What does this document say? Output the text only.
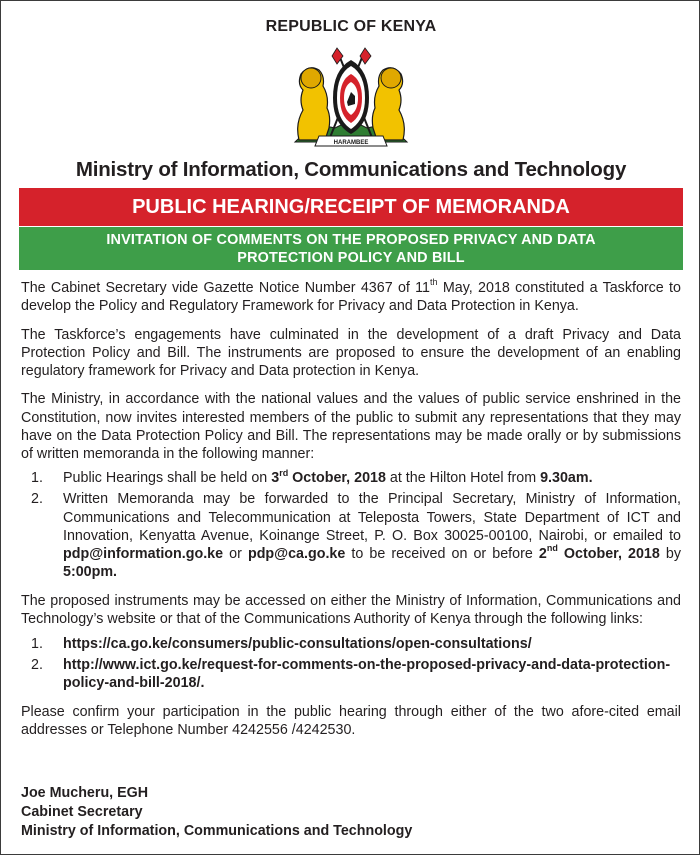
REPUBLIC OF KENYA
HARAMBEE
Ministry of Information, Communications and Technology
PUBLIC HEARING/RECEIPT OF MEMORANDA
INVITATION OF COMMENTS ON THE PROPOSED PRIVACY AND DATA
PROTECTION POLICY AND BILL

The Cabinet Secretary vide Gazette Notice Number 4367 of 11th May, 2018 constituted a Taskforce to develop the Policy and Regulatory Framework for Privacy and Data Protection in Kenya.

The Taskforce’s engagements have culminated in the development of a draft Privacy and Data Protection Policy and Bill. The instruments are proposed to ensure the development of an enabling regulatory framework for Privacy and Data protection in Kenya.

The Ministry, in accordance with the national values and the values of public service enshrined in the Constitution, now invites interested members of the public to submit any representations that they may have on the Data Protection Policy and Bill. The representations may be made orally or by submissions of written memoranda in the following manner:

1. Public Hearings shall be held on 3rd October, 2018 at the Hilton Hotel from 9.30am.
2. Written Memoranda may be forwarded to the Principal Secretary, Ministry of Information, Communications and Telecommunication at Teleposta Towers, State Department of ICT and Innovation, Kenyatta Avenue, Koinange Street, P. O. Box 30025-00100, Nairobi, or emailed to pdp@information.go.ke or pdp@ca.go.ke to be received on or before 2nd October, 2018 by 5:00pm.

The proposed instruments may be accessed on either the Ministry of Information, Communications and Technology’s website or that of the Communications Authority of Kenya through the following links:

1. https://ca.go.ke/consumers/public-consultations/open-consultations/
2. http://www.ict.go.ke/request-for-comments-on-the-proposed-privacy-and-data-protection-policy-and-bill-2018/.

Please confirm your participation in the public hearing through either of the two afore-cited email addresses or Telephone Number 4242556 /4242530.

Joe Mucheru, EGH
Cabinet Secretary
Ministry of Information, Communications and Technology
